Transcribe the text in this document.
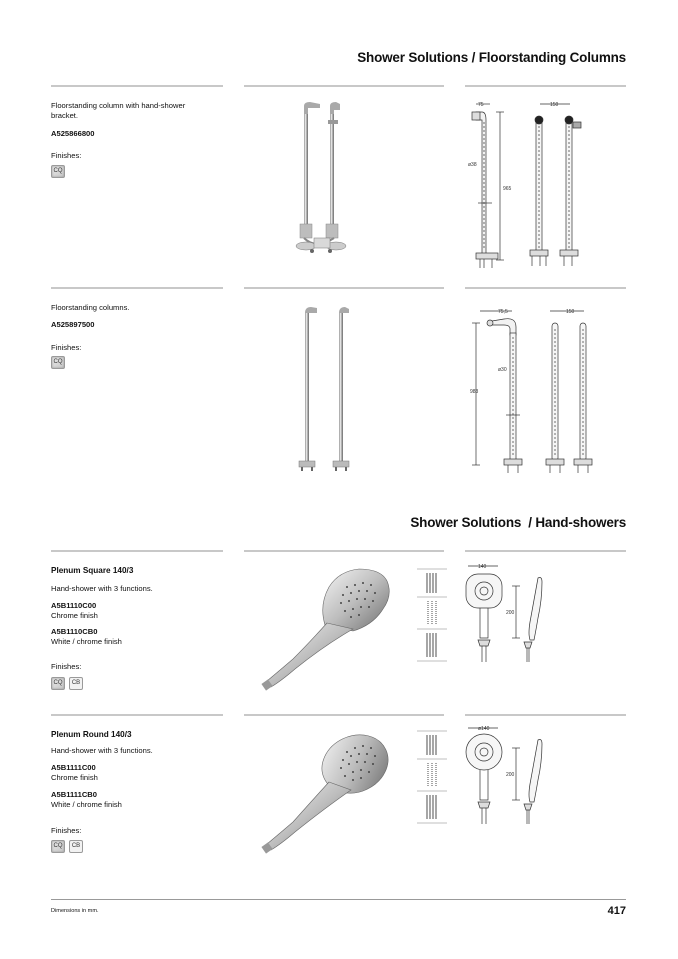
Shower Solutions / Floorstanding Columns
Floorstanding column with hand-shower
bracket.
A525866800
Finishes:
CQ
75	150
ø38
965
Floorstanding columns.
A525897500
Finishes:
CQ
75,5	150
ø30
983
Shower Solutions  / Hand-showers
Plenum Square 140/3
Hand-shower with 3 functions.
A5B1110C00
Chrome finish
A5B1110CB0
White / chrome finish
Finishes:
CQ	CB
140
200
Plenum Round 140/3
Hand-shower with 3 functions.
A5B1111C00
Chrome finish
A5B1111CB0
White / chrome finish
Finishes:
CQ	CB
ø140
200
Dimensions in mm.	417
